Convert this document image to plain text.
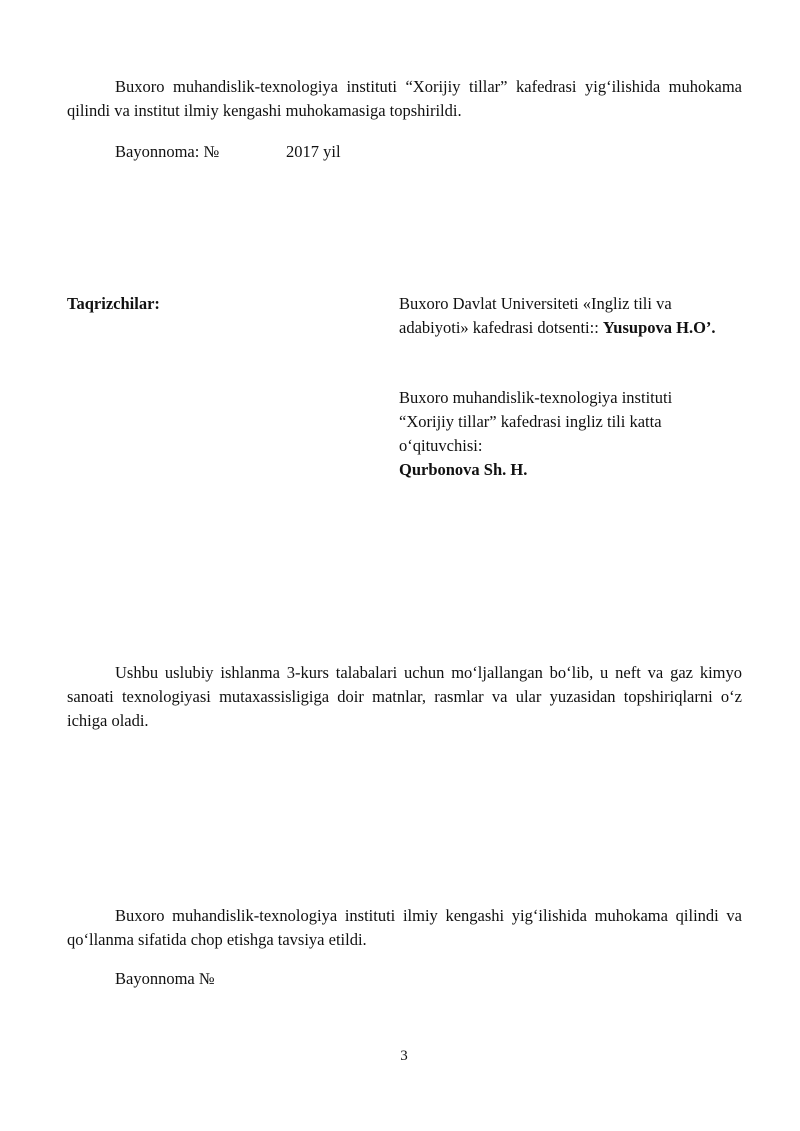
Buxoro muhandislik-texnologiya instituti “Xorijiy tillar” kafedrasi yig‘ilishida muhokama qilindi va institut ilmiy kengashi muhokamasiga topshirildi.

Bayonnoma: №	2017 yil
Taqrizchilar:	Buxoro Davlat Universiteti «Ingliz tili va adabiyoti» kafedrasi dotsenti:: Yusupova H.O’.

Buxoro muhandislik-texnologiya instituti “Xorijiy tillar” kafedrasi ingliz tili katta o‘qituvchisi:
Qurbonova Sh. H.

Ushbu uslubiy ishlanma 3-kurs talabalari uchun mo‘ljallangan bo‘lib, u neft va gaz kimyo sanoati texnologiyasi mutaxassisligiga doir matnlar, rasmlar va ular yuzasidan topshiriqlarni o‘z ichiga oladi.

Buxoro muhandislik-texnologiya instituti ilmiy kengashi yig‘ilishida muhokama qilindi va qo‘llanma sifatida chop etishga tavsiya etildi.

Bayonnoma №
3
